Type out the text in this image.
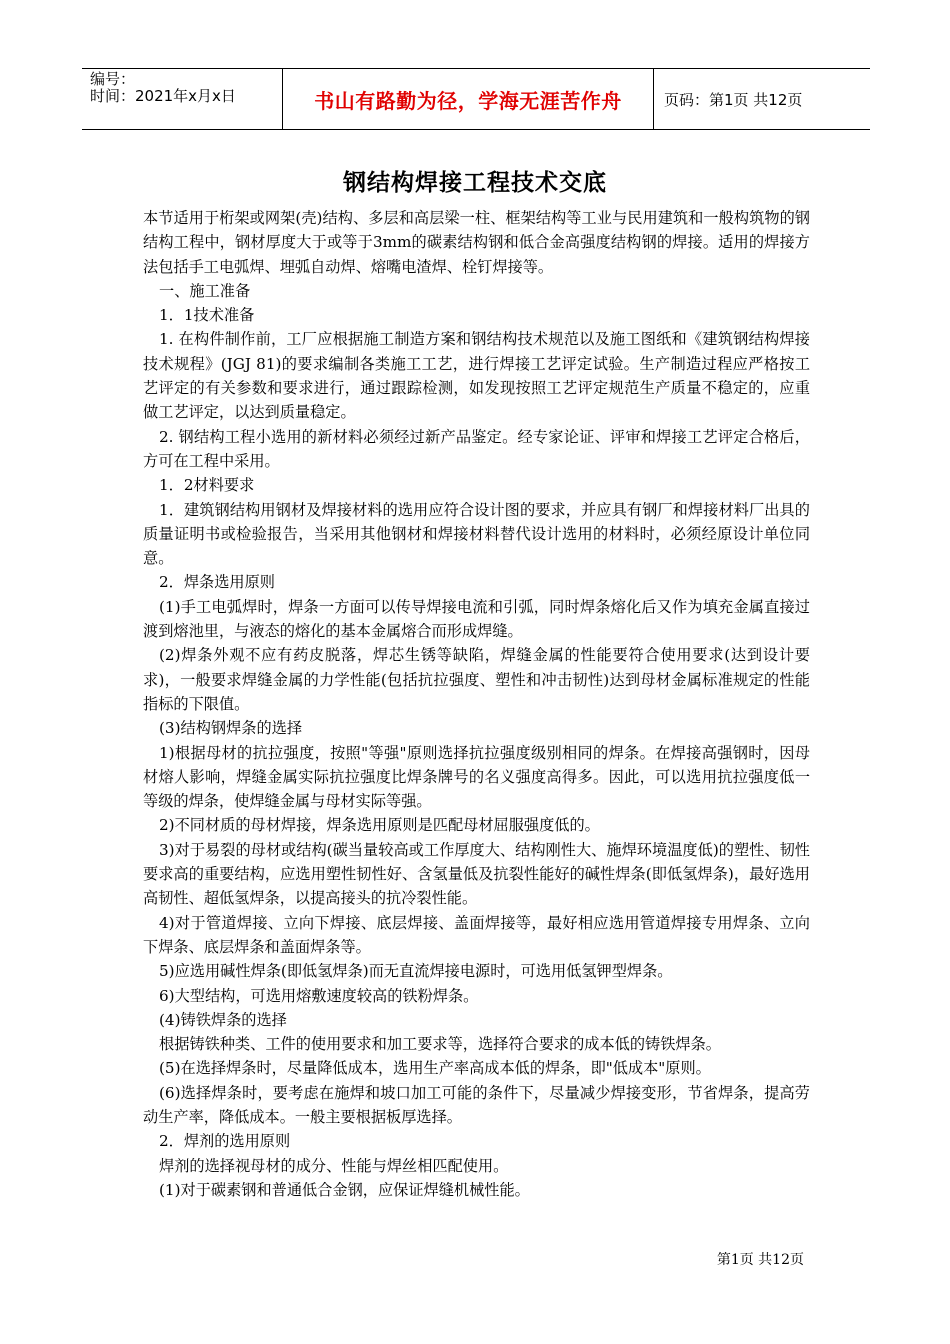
编号：
时间：2021年x月x日	书山有路勤为径，学海无涯苦作舟	页码：第1页 共12页
钢结构焊接工程技术交底

本节适用于桁架或网架(壳)结构、多层和高层梁一柱、框架结构等工业与民用建筑和一般构筑物的钢结构工程中，钢材厚度大于或等于3mm的碳素结构钢和低合金高强度结构钢的焊接。适用的焊接方法包括手工电弧焊、埋弧自动焊、熔嘴电渣焊、栓钉焊接等。

一、施工准备

1．1技术准备

1. 在构件制作前，工厂应根据施工制造方案和钢结构技术规范以及施工图纸和《建筑钢结构焊接技术规程》(JGJ 81)的要求编制各类施工工艺，进行焊接工艺评定试验。生产制造过程应严格按工艺评定的有关参数和要求进行，通过跟踪检测，如发现按照工艺评定规范生产质量不稳定的，应重做工艺评定，以达到质量稳定。

2. 钢结构工程小选用的新材料必须经过新产品鉴定。经专家论证、评审和焊接工艺评定合格后，方可在工程中采用。

1．2材料要求

1．建筑钢结构用钢材及焊接材料的选用应符合设计图的要求，并应具有钢厂和焊接材料厂出具的质量证明书或检验报告，当采用其他钢材和焊接材料替代设计选用的材料时，必须经原设计单位同意。

2．焊条选用原则

(1)手工电弧焊时，焊条一方面可以传导焊接电流和引弧，同时焊条熔化后又作为填充金属直接过渡到熔池里，与液态的熔化的基本金属熔合而形成焊缝。

(2)焊条外观不应有药皮脱落，焊芯生锈等缺陷，焊缝金属的性能要符合使用要求(达到设计要求)，一般要求焊缝金属的力学性能(包括抗拉强度、塑性和冲击韧性)达到母材金属标准规定的性能指标的下限值。

(3)结构钢焊条的选择

1)根据母材的抗拉强度，按照"等强"原则选择抗拉强度级别相同的焊条。在焊接高强钢时，因母材熔人影响，焊缝金属实际抗拉强度比焊条牌号的名义强度高得多。因此，可以选用抗拉强度低一等级的焊条，使焊缝金属与母材实际等强。

2)不同材质的母材焊接，焊条选用原则是匹配母材屈服强度低的。

3)对于易裂的母材或结构(碳当量较高或工作厚度大、结构刚性大、施焊环境温度低)的塑性、韧性要求高的重要结构，应选用塑性韧性好、含氢量低及抗裂性能好的碱性焊条(即低氢焊条)，最好选用高韧性、超低氢焊条，以提高接头的抗冷裂性能。

4)对于管道焊接、立向下焊接、底层焊接、盖面焊接等，最好相应选用管道焊接专用焊条、立向下焊条、底层焊条和盖面焊条等。

5)应选用碱性焊条(即低氢焊条)而无直流焊接电源时，可选用低氢钾型焊条。

6)大型结构，可选用熔敷速度较高的铁粉焊条。

(4)铸铁焊条的选择

根据铸铁种类、工件的使用要求和加工要求等，选择符合要求的成本低的铸铁焊条。

(5)在选择焊条时，尽量降低成本，选用生产率高成本低的焊条，即"低成本"原则。

(6)选择焊条时，要考虑在施焊和坡口加工可能的条件下，尽量减少焊接变形，节省焊条，提高劳动生产率，降低成本。一般主要根据板厚选择。

2．焊剂的选用原则

焊剂的选择视母材的成分、性能与焊丝相匹配使用。

(1)对于碳素钢和普通低合金钢，应保证焊缝机械性能。

第1页 共12页
